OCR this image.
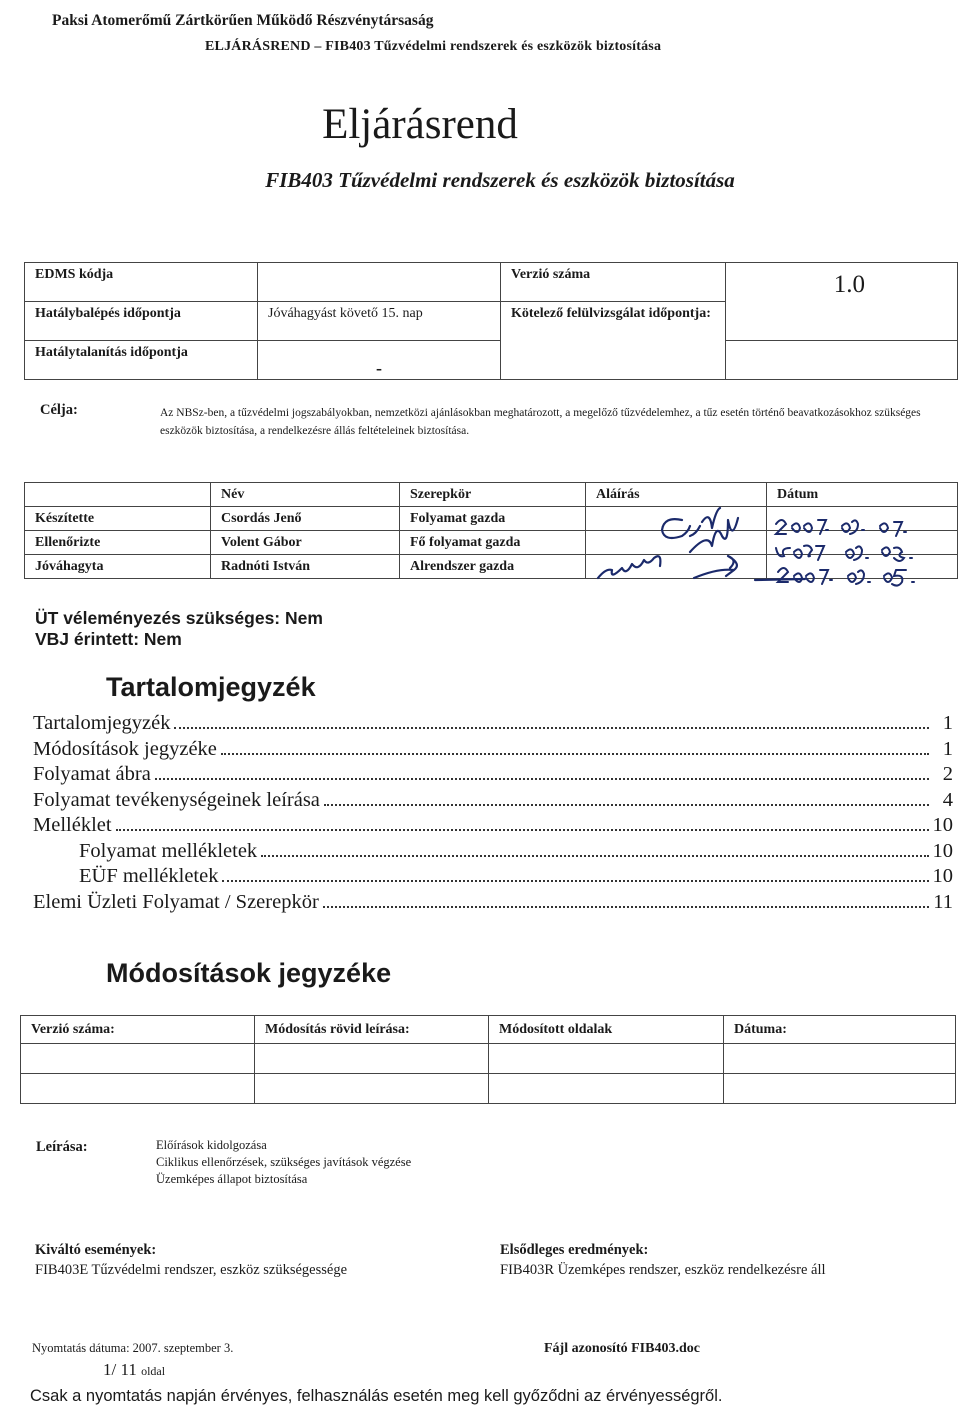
Paksi Atomerőmű Zártkörűen Működő Részvénytársaság
ELJÁRÁSREND – FIB403 Tűzvédelmi rendszerek és eszközök biztosítása
Eljárásrend
FIB403 Tűzvédelmi rendszerek és eszközök biztosítása
EDMS kódja		Verzió száma	1.0
Hatálybalépés időpontja	Jóváhagyást követő 15. nap	Kötelező felülvizsgálat időpontja:	
Hatálytalanítás időpontja	-		
Célja:	Az NBSz-ben, a tűzvédelmi jogszabályokban, nemzetközi ajánlásokban meghatározott, a megelőző tűzvédelemhez, a tűz esetén történő beavatkozásokhoz szükséges eszközök biztosítása, a rendelkezésre állás feltételeinek biztosítása.
	Név	Szerepkör	Aláírás	Dátum
Készítette	Csordás Jenő	Folyamat gazda		
Ellenőrizte	Volent Gábor	Fő folyamat gazda		
Jóváhagyta	Radnóti István	Alrendszer gazda		
ÜT véleményezés szükséges: Nem
VBJ érintett: Nem
Tartalomjegyzék
Tartalomjegyzék	1
Módosítások jegyzéke	1
Folyamat ábra	2
Folyamat tevékenységeinek leírása	4
Melléklet	10
Folyamat mellékletek	10
EÜF mellékletek	10
Elemi Üzleti Folyamat / Szerepkör	11
Módosítások jegyzéke
Verzió száma:	Módosítás rövid leírása:	Módosított oldalak	Dátuma:

Leírása:	Előírások kidolgozása
Ciklikus ellenőrzések, szükséges javítások végzése
Üzemképes állapot biztosítása
Kiváltó események:
FIB403E Tűzvédelmi rendszer, eszköz szükségessége
Elsődleges eredmények:
FIB403R Üzemképes rendszer, eszköz rendelkezésre áll
Nyomtatás dátuma: 2007. szeptember 3.	Fájl azonosító FIB403.doc
1/ 11 oldal
Csak a nyomtatás napján érvényes, felhasználás esetén meg kell győződni az érvényességről.
